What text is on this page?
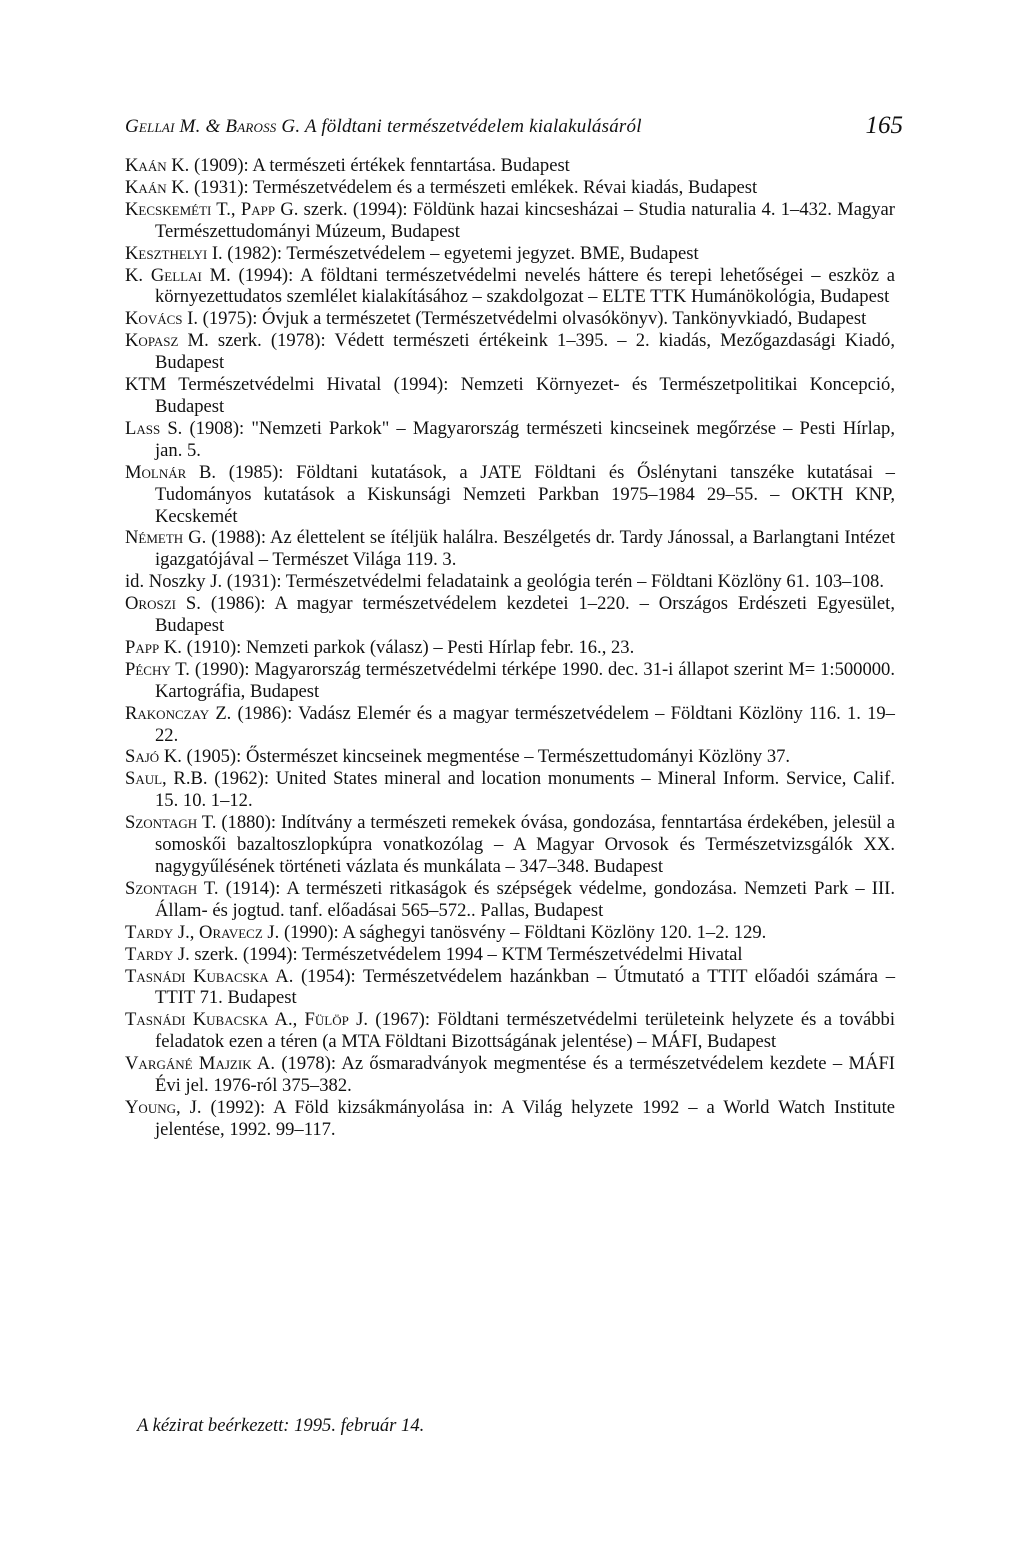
Gellai M. & Baross G. A földtani természetvédelem kialakulásáról	165
Kaán K. (1909): A természeti értékek fenntartása. Budapest
Kaán K. (1931): Természetvédelem és a természeti emlékek. Révai kiadás, Budapest
Kecskeméti T., Papp G. szerk. (1994): Földünk hazai kincsesházai – Studia naturalia 4. 1–432. Magyar Természettudományi Múzeum, Budapest
Keszthelyi I. (1982): Természetvédelem – egyetemi jegyzet. BME, Budapest
K. Gellai M. (1994): A földtani természetvédelmi nevelés háttere és terepi lehetőségei – eszköz a környezettudatos szemlélet kialakításához – szakdolgozat – ELTE TTK Humánökológia, Budapest
Kovács I. (1975): Óvjuk a természetet (Természetvédelmi olvasókönyv). Tankönyvkiadó, Budapest
Kopasz M. szerk. (1978): Védett természeti értékeink 1–395. – 2. kiadás, Mezőgazdasági Kiadó, Budapest
KTM Természetvédelmi Hivatal (1994): Nemzeti Környezet- és Természetpolitikai Koncepció, Budapest
Lass S. (1908): "Nemzeti Parkok" – Magyarország természeti kincseinek megőrzése – Pesti Hírlap, jan. 5.
Molnár B. (1985): Földtani kutatások, a JATE Földtani és Őslénytani tanszéke kutatásai – Tudományos kutatások a Kiskunsági Nemzeti Parkban 1975–1984 29–55. – OKTH KNP, Kecskemét
Németh G. (1988): Az élettelent se ítéljük halálra. Beszélgetés dr. Tardy Jánossal, a Barlangtani Intézet igazgatójával – Természet Világa 119. 3.
id. Noszky J. (1931): Természetvédelmi feladataink a geológia terén – Földtani Közlöny 61. 103–108.
Oroszi S. (1986): A magyar természetvédelem kezdetei 1–220. – Országos Erdészeti Egyesület, Budapest
Papp K. (1910): Nemzeti parkok (válasz) – Pesti Hírlap febr. 16., 23.
Péchy T. (1990): Magyarország természetvédelmi térképe 1990. dec. 31-i állapot szerint M= 1:500000. Kartográfia, Budapest
Rakonczay Z. (1986): Vadász Elemér és a magyar természetvédelem – Földtani Közlöny 116. 1. 19–22.
Sajó K. (1905): Őstermészet kincseinek megmentése – Természettudományi Közlöny 37.
Saul, R.B. (1962): United States mineral and location monuments – Mineral Inform. Service, Calif. 15. 10. 1–12.
Szontagh T. (1880): Indítvány a természeti remekek óvása, gondozása, fenntartása érdekében, jelesül a somoskői bazaltoszlopkúpra vonatkozólag – A Magyar Orvosok és Természetvizsgálók XX. nagygyűlésének történeti vázlata és munkálata – 347–348. Budapest
Szontagh T. (1914): A természeti ritkaságok és szépségek védelme, gondozása. Nemzeti Park – III. Állam- és jogtud. tanf. előadásai 565–572.. Pallas, Budapest
Tardy J., Oravecz J. (1990): A sághegyi tanösvény – Földtani Közlöny 120. 1–2. 129.
Tardy J. szerk. (1994): Természetvédelem 1994 – KTM Természetvédelmi Hivatal
Tasnádi Kubacska A. (1954): Természetvédelem hazánkban – Útmutató a TTIT előadói számára – TTIT 71. Budapest
Tasnádi Kubacska A., Fülöp J. (1967): Földtani természetvédelmi területeink helyzete és a további feladatok ezen a téren (a MTA Földtani Bizottságának jelentése) – MÁFI, Budapest
Vargáné Majzik A. (1978): Az ősmaradványok megmentése és a természetvédelem kezdete – MÁFI Évi jel. 1976-ról 375–382.
Young, J. (1992): A Föld kizsákmányolása in: A Világ helyzete 1992 – a World Watch Institute jelentése, 1992. 99–117.
A kézirat beérkezett: 1995. február 14.
